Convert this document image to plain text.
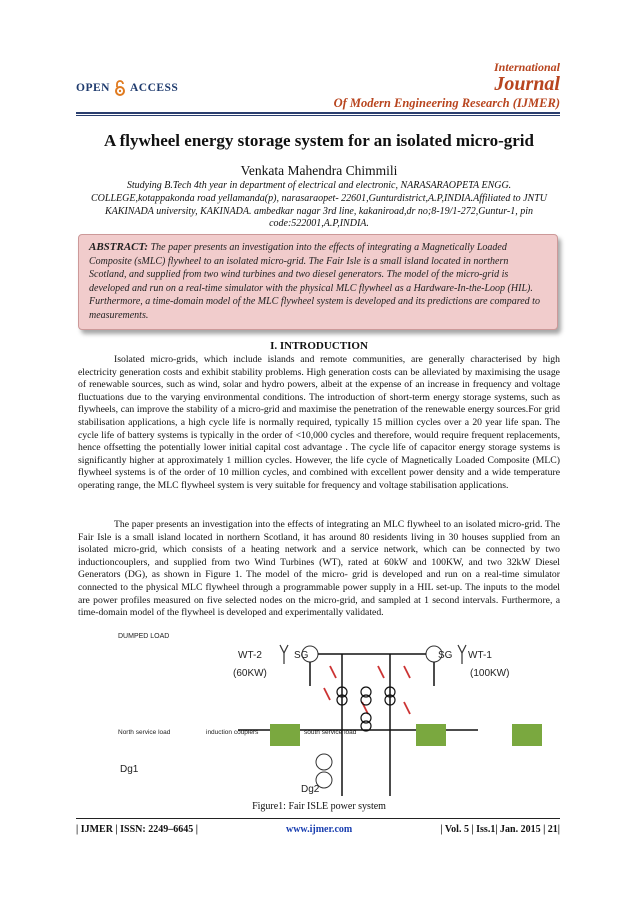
OPEN ACCESS
International
Journal
Of Modern Engineering Research (IJMER)
A flywheel energy storage system for an isolated micro-grid
Venkata Mahendra Chimmili
Studying B.Tech 4th year in department of electrical and electronic, NARASARAOPETA ENGG. COLLEGE,kotappakonda road yellamanda(p), narasaraopet- 22601,Gunturdistrict,A.P,INDIA.Affiliated to JNTU KAKINADA university, KAKINADA. ambedkar nagar 3rd line, kakaniroad,dr no;8-19/1-272,Guntur-1, pin code:522001,A.P,INDIA.
ABSTRACT: The paper presents an investigation into the effects of integrating a Magnetically Loaded Composite (sMLC) flywheel to an isolated micro-grid. The Fair Isle is a small island located in northern Scotland, and supplied from two wind turbines and two diesel generators. The model of the micro-grid is developed and run on a real-time simulator with the physical MLC flywheel as a Hardware-In-the-Loop (HIL). Furthermore, a time-domain model of the MLC flywheel system is developed and its predictions are compared to measurements.
I. INTRODUCTION
Isolated micro-grids, which include islands and remote communities, are generally characterised by high electricity generation costs and exhibit stability problems. High generation costs can be alleviated by maximising the usage of renewable sources, such as wind, solar and hydro powers, albeit at the expense of an increase in frequency and voltage fluctuations due to the varying environmental conditions. The introduction of short-term energy storage systems, such as flywheels, can improve the stability of a micro-grid and maximise the penetration of the renewable energy sources.For grid stabilisation applications, a high cycle life is normally required, typically 15 million cycles over a 20 year life span. The cycle life of battery systems is typically in the order of <10,000 cycles and therefore, would require frequent replacements, hence offsetting the potentially lower initial capital cost advantage . The cycle life of capacitor energy storage systems is significantly higher at approximately 1 million cycles. However, the life cycle of Magnetically Loaded Composite (MLC) flywheel systems is of the order of 10 million cycles, and combined with excellent power density and a wide temperature operating range, the MLC flywheel system is very suitable for frequency and voltage stabilisation applications.
The paper presents an investigation into the effects of integrating an MLC flywheel to an isolated micro-grid. The Fair Isle is a small island located in northern Scotland, it has around 80 residents living in 30 houses supplied from an isolated micro-grid, which consists of a heating network and a service network, which can be connected by two inductioncouplers, and supplied from two Wind Turbines (WT), rated at 60kW and 100KW, and two 32kW Diesel Generators (DG), as shown in Figure 1. The model of the micro- grid is developed and run on a real-time simulator connected to the physical MLC flywheel through a programmable power supply in a HIL set-up. The inputs to the model are power profiles measured on five selected nodes on the micro-grid, and sampled at 1 second intervals. Furthermore, a time-domain model of the flywheel is developed and experimentally validated.
DUMPED LOAD
WT-2
(60KW)
SG	SG WT-1
(100KW)
North service load	induction couplers	south service load
Dg1
Dg2
Figure1: Fair ISLE power system
| IJMER | ISSN: 2249–6645 |	www.ijmer.com	| Vol. 5 | Iss.1| Jan. 2015 | 21|
